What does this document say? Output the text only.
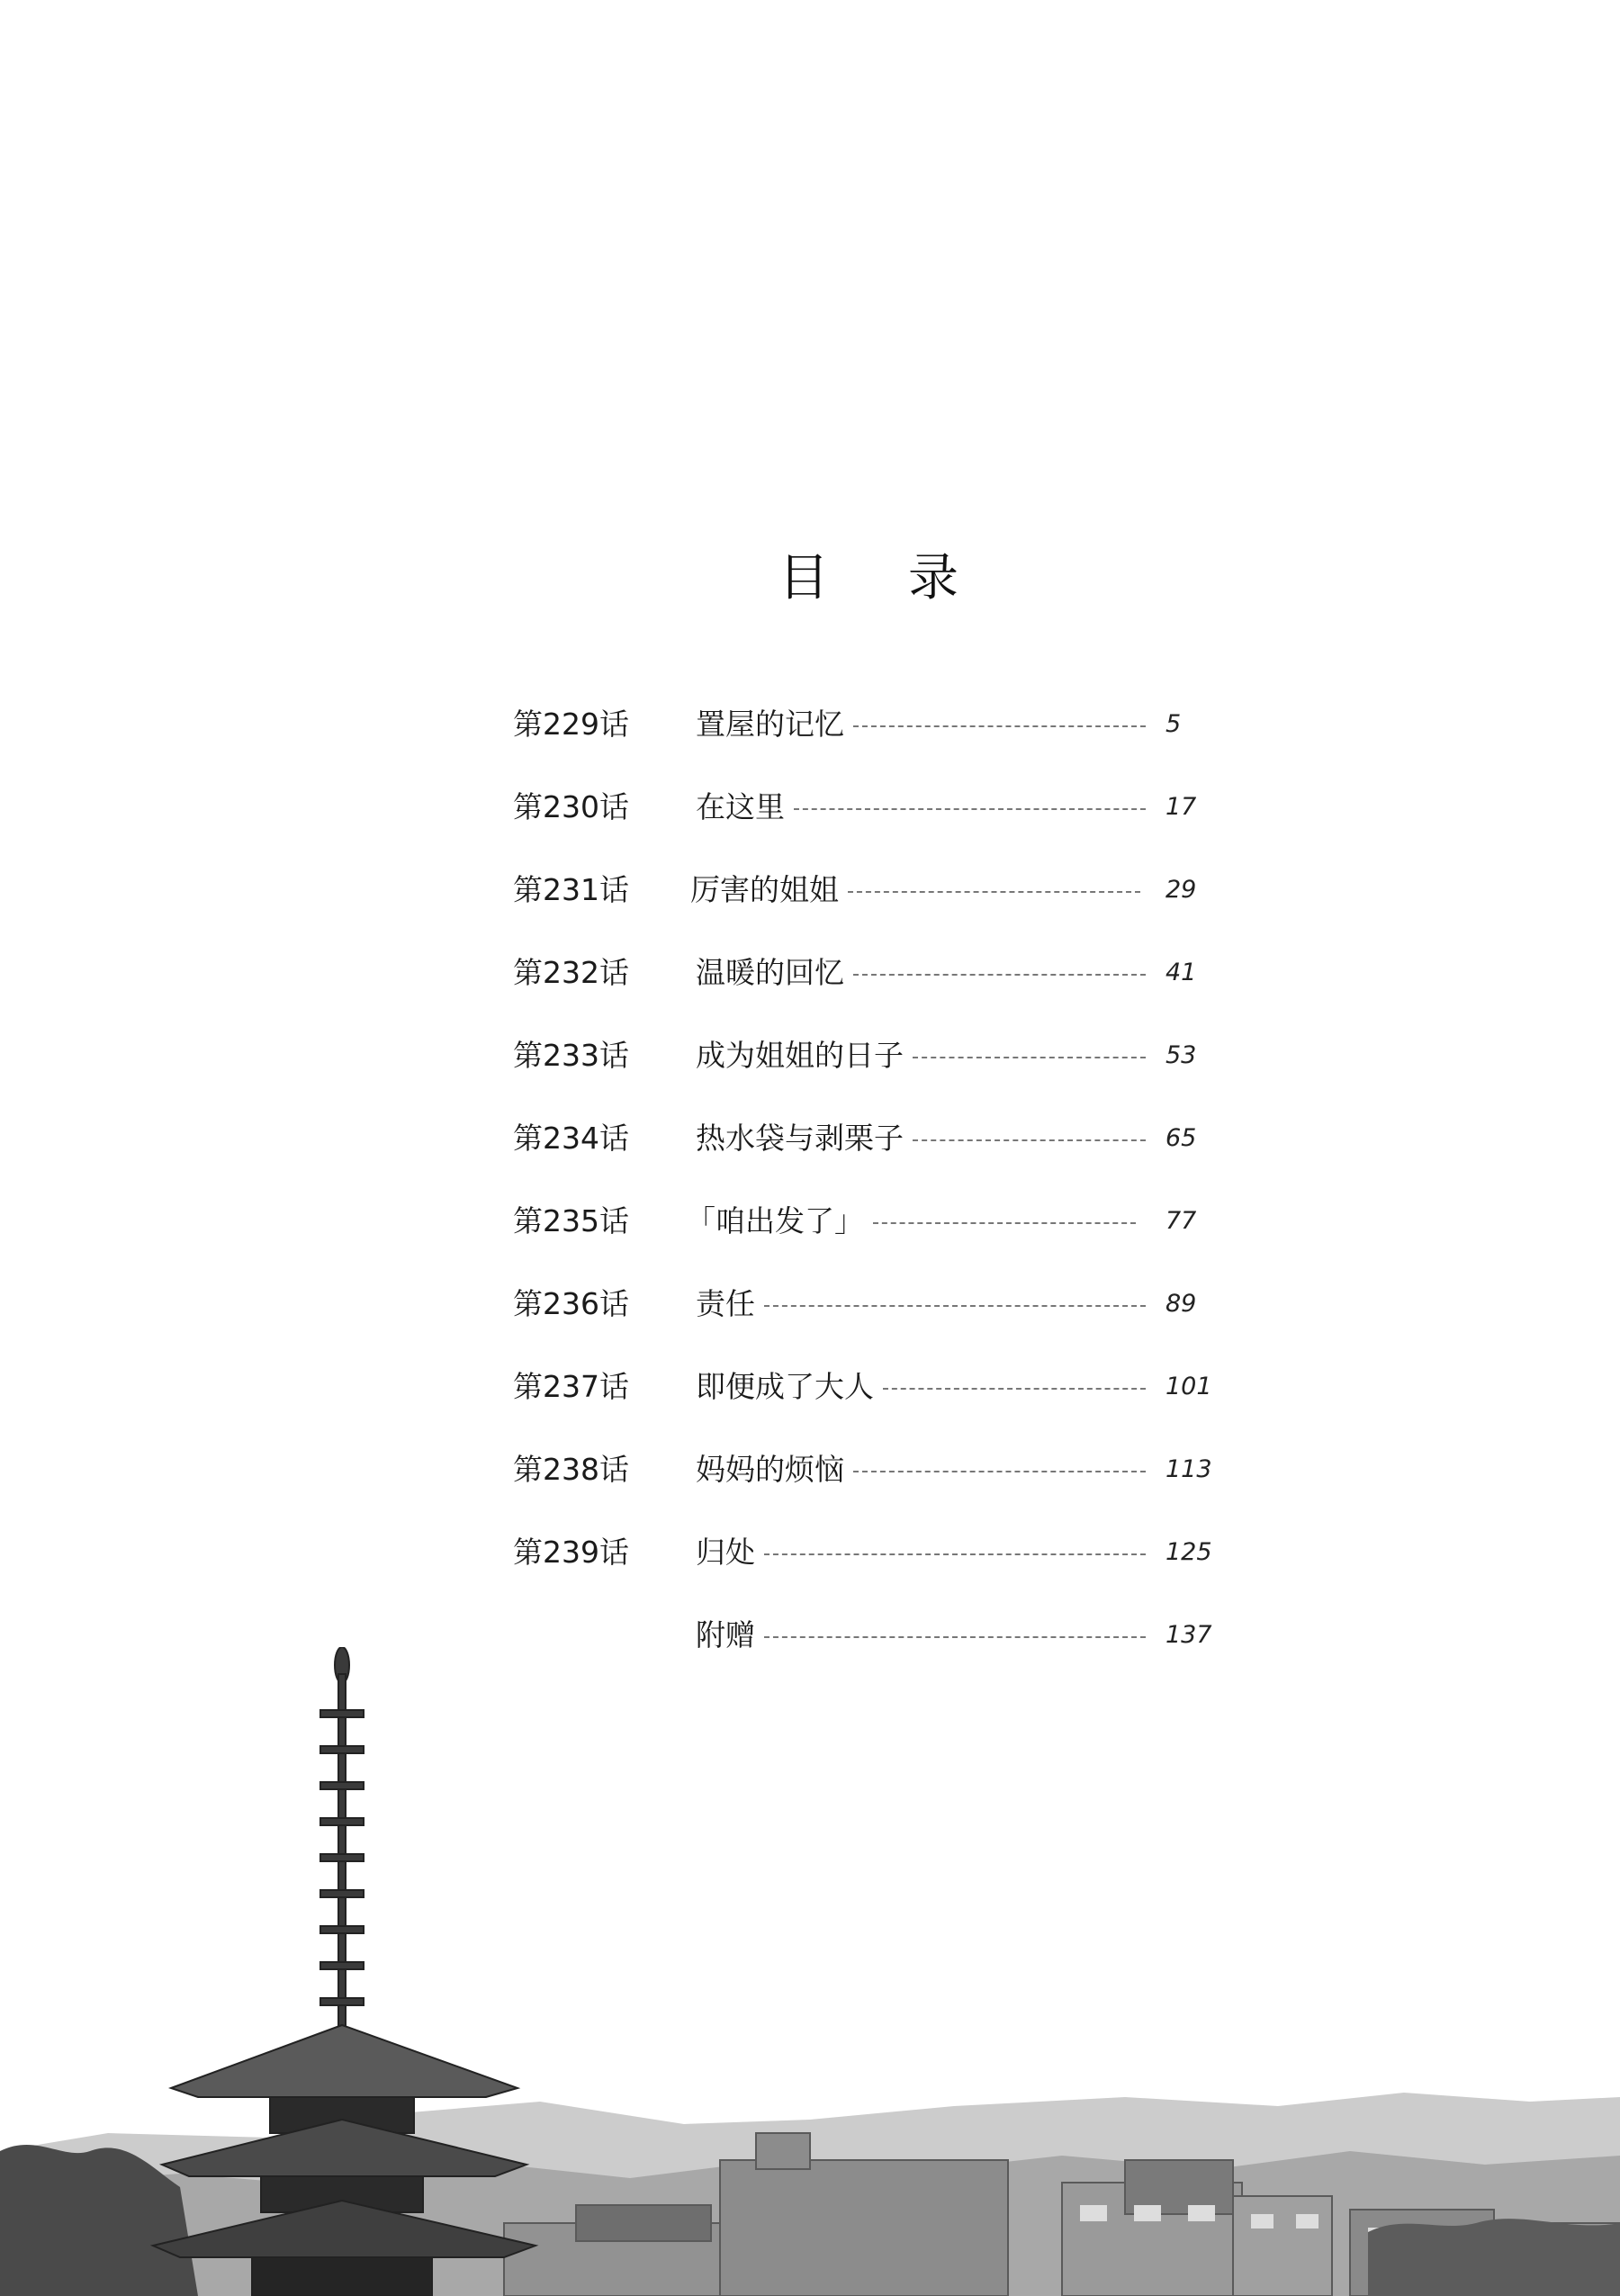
目 录
第229话 置屋的记忆	5
第230话 在这里	17
第231话 厉害的姐姐	29
第232话 温暖的回忆	41
第233话 成为姐姐的日子	53
第234话 热水袋与剥栗子	65
第235话 「咱出发了」	77
第236话 责任	89
第237话 即便成了大人	101
第238话 妈妈的烦恼	113
第239话 归处	125
附赠	137
